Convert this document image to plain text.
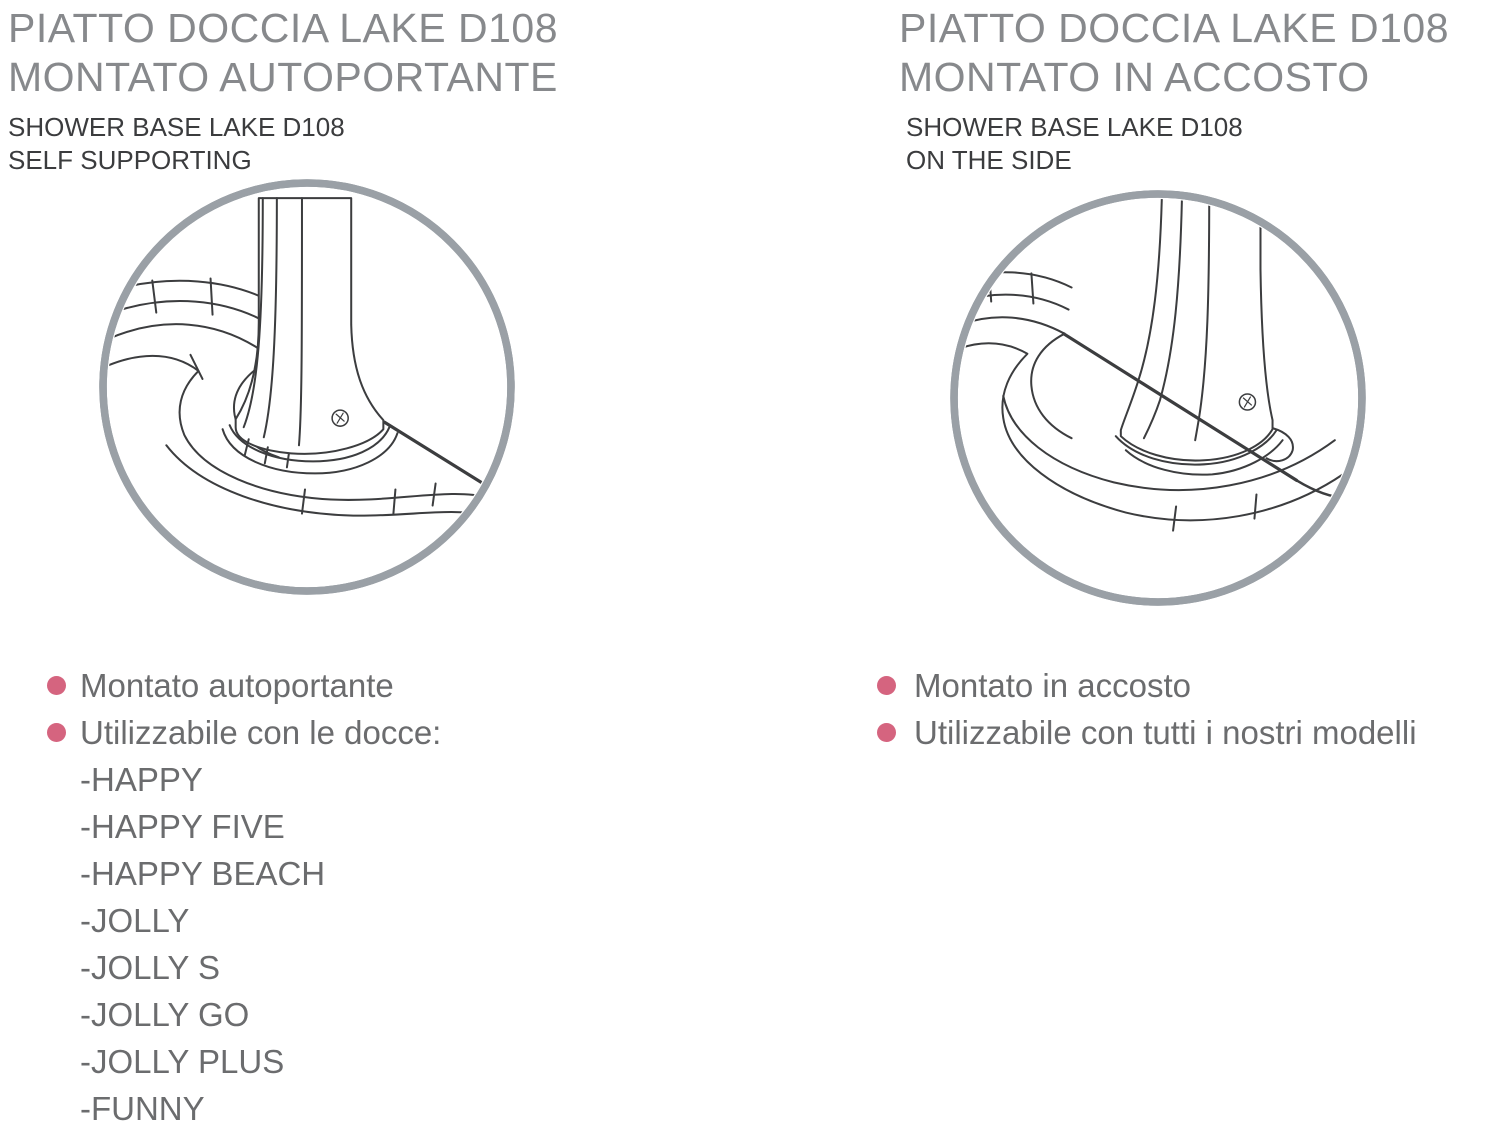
PIATTO DOCCIA LAKE D108
MONTATO AUTOPORTANTE
SHOWER BASE LAKE D108
SELF SUPPORTING
PIATTO DOCCIA LAKE D108
MONTATO IN ACCOSTO
SHOWER BASE LAKE D108
ON THE SIDE
Montato autoportante
Utilizzabile con le docce:
-HAPPY
-HAPPY FIVE
-HAPPY BEACH
-JOLLY
-JOLLY S
-JOLLY GO
-JOLLY PLUS
-FUNNY
Montato in accosto
Utilizzabile con tutti i nostri modelli
